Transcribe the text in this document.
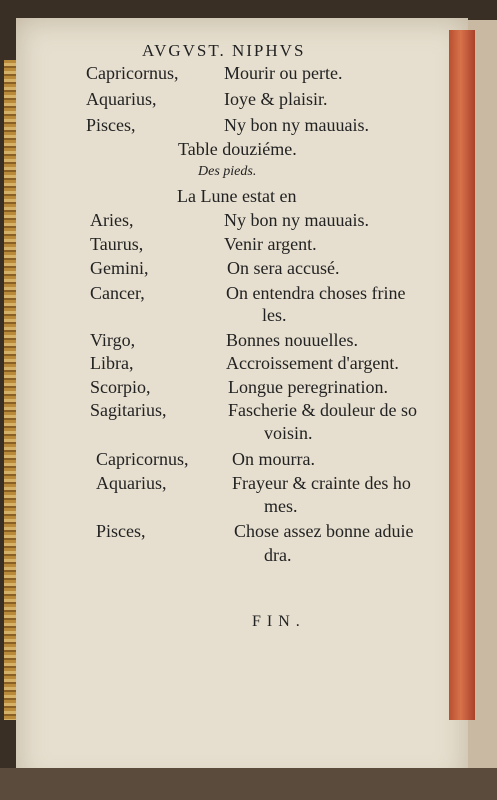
AVGVST. NIPHVS
Capricornus,	Mourir ou perte.
Aquarius,	Ioye & plaisir.
Pisces,	Ny bon ny mauuais.
Table douziéme.
Des pieds.
La Lune estat en
Aries,	Ny bon ny mauuais.
Taurus,	Venir argent.
Gemini,	On sera accusé.
Cancer,	On entendra choses frine
les.
Virgo,	Bonnes nouuelles.
Libra,	Accroissement d'argent.
Scorpio,	Longue peregrination.
Sagitarius,	Fascherie & douleur de so
voisin.
Capricornus, On mourra.
Aquarius,	Frayeur & crainte des ho
mes.
Pisces,	Chose assez bonne aduie
dra.
FIN.
